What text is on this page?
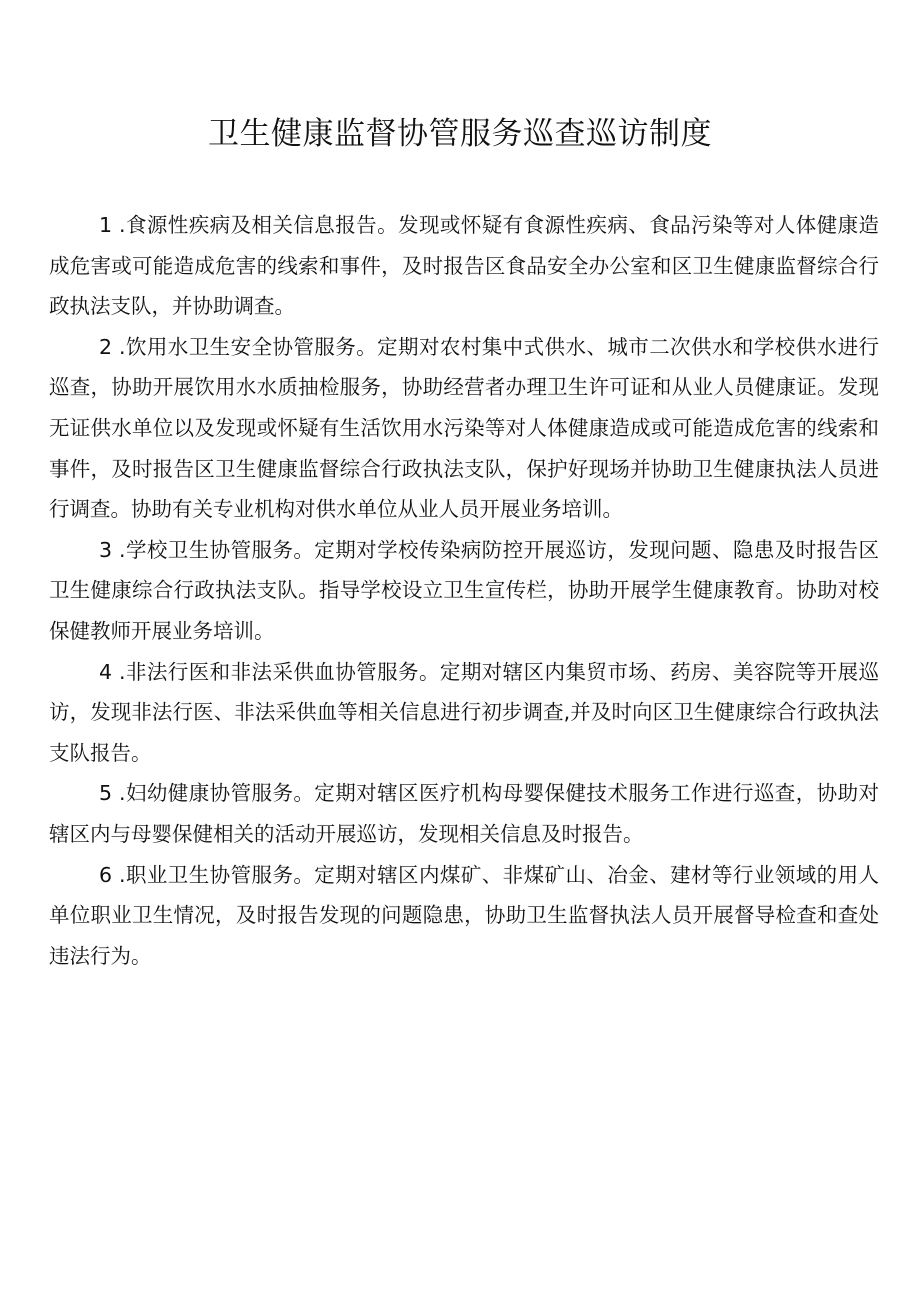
卫生健康监督协管服务巡查巡访制度

1 .食源性疾病及相关信息报告。发现或怀疑有食源性疾病、食品污染等对人体健康造成危害或可能造成危害的线索和事件，及时报告区食品安全办公室和区卫生健康监督综合行政执法支队，并协助调查。

2 .饮用水卫生安全协管服务。定期对农村集中式供水、城市二次供水和学校供水进行巡查，协助开展饮用水水质抽检服务，协助经营者办理卫生许可证和从业人员健康证。发现无证供水单位以及发现或怀疑有生活饮用水污染等对人体健康造成或可能造成危害的线索和事件，及时报告区卫生健康监督综合行政执法支队，保护好现场并协助卫生健康执法人员进行调查。协助有关专业机构对供水单位从业人员开展业务培训。

3 .学校卫生协管服务。定期对学校传染病防控开展巡访，发现问题、隐患及时报告区卫生健康综合行政执法支队。指导学校设立卫生宣传栏，协助开展学生健康教育。协助对校保健教师开展业务培训。

4 .非法行医和非法采供血协管服务。定期对辖区内集贸市场、药房、美容院等开展巡访，发现非法行医、非法采供血等相关信息进行初步调查,并及时向区卫生健康综合行政执法支队报告。

5 .妇幼健康协管服务。定期对辖区医疗机构母婴保健技术服务工作进行巡查，协助对辖区内与母婴保健相关的活动开展巡访，发现相关信息及时报告。

6 .职业卫生协管服务。定期对辖区内煤矿、非煤矿山、冶金、建材等行业领域的用人单位职业卫生情况，及时报告发现的问题隐患，协助卫生监督执法人员开展督导检查和查处违法行为。
